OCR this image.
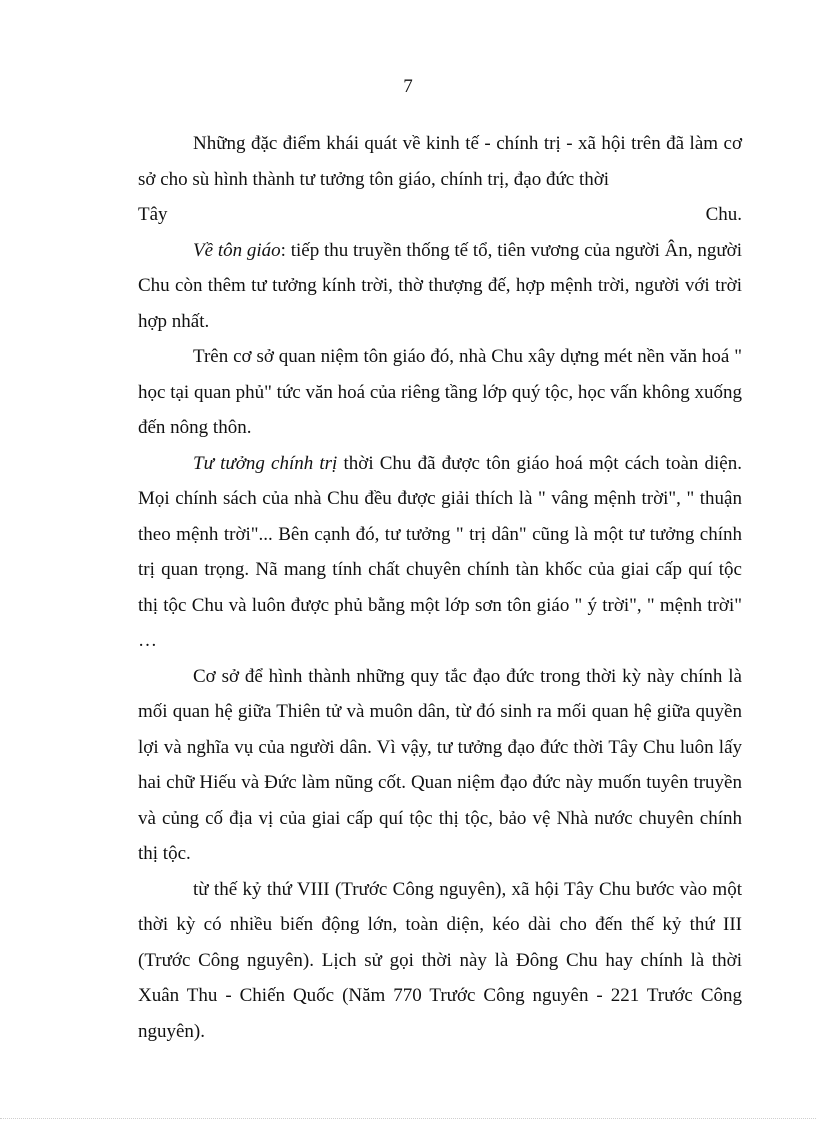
7

Những đặc điểm khái quát về kinh tế - chính trị - xã hội trên đã làm cơ sở cho sù hình thành tư tưởng tôn giáo, chính trị, đạo đức thời

Tây	Chu.

Về tôn giáo: tiếp thu truyền thống tế tổ, tiên vương của người Ân, người Chu còn thêm tư tưởng kính trời, thờ thượng đế, hợp mệnh trời, người với trời hợp nhất.

Trên cơ sở quan niệm tôn giáo đó, nhà Chu xây dựng mét nền văn hoá " học tại quan phủ" tức văn hoá của riêng tầng lớp quý tộc, học vấn không xuống đến nông thôn.

Tư tưởng chính trị thời Chu đã được tôn giáo hoá một cách toàn diện. Mọi chính sách của nhà Chu đều được giải thích là " vâng mệnh trời", " thuận theo mệnh trời"... Bên cạnh đó, tư tưởng " trị dân" cũng là một tư tưởng chính trị quan trọng. Nã mang tính chất chuyên chính tàn khốc của giai cấp quí tộc thị tộc Chu và luôn được phủ bằng một lớp sơn tôn giáo " ý trời", " mệnh trời" …

Cơ sở để hình thành những quy tắc đạo đức trong thời kỳ này chính là mối quan hệ giữa Thiên tử và muôn dân, từ đó sinh ra mối quan hệ giữa quyền lợi và nghĩa vụ của người dân. Vì vậy, tư tưởng đạo đức thời Tây Chu luôn lấy hai chữ Hiếu và Đức làm nũng cốt. Quan niệm đạo đức này muốn tuyên truyền và củng cố địa vị của giai cấp quí tộc thị tộc, bảo vệ Nhà nước chuyên chính thị tộc.

từ thế kỷ thứ VIII (Trước Công nguyên), xã hội Tây Chu bước vào một thời kỳ có nhiều biến động lớn, toàn diện, kéo dài cho đến thế kỷ thứ III (Trước Công nguyên). Lịch sử gọi thời này là Đông Chu hay chính là thời Xuân Thu - Chiến Quốc (Năm 770 Trước Công nguyên - 221 Trước Công nguyên).
